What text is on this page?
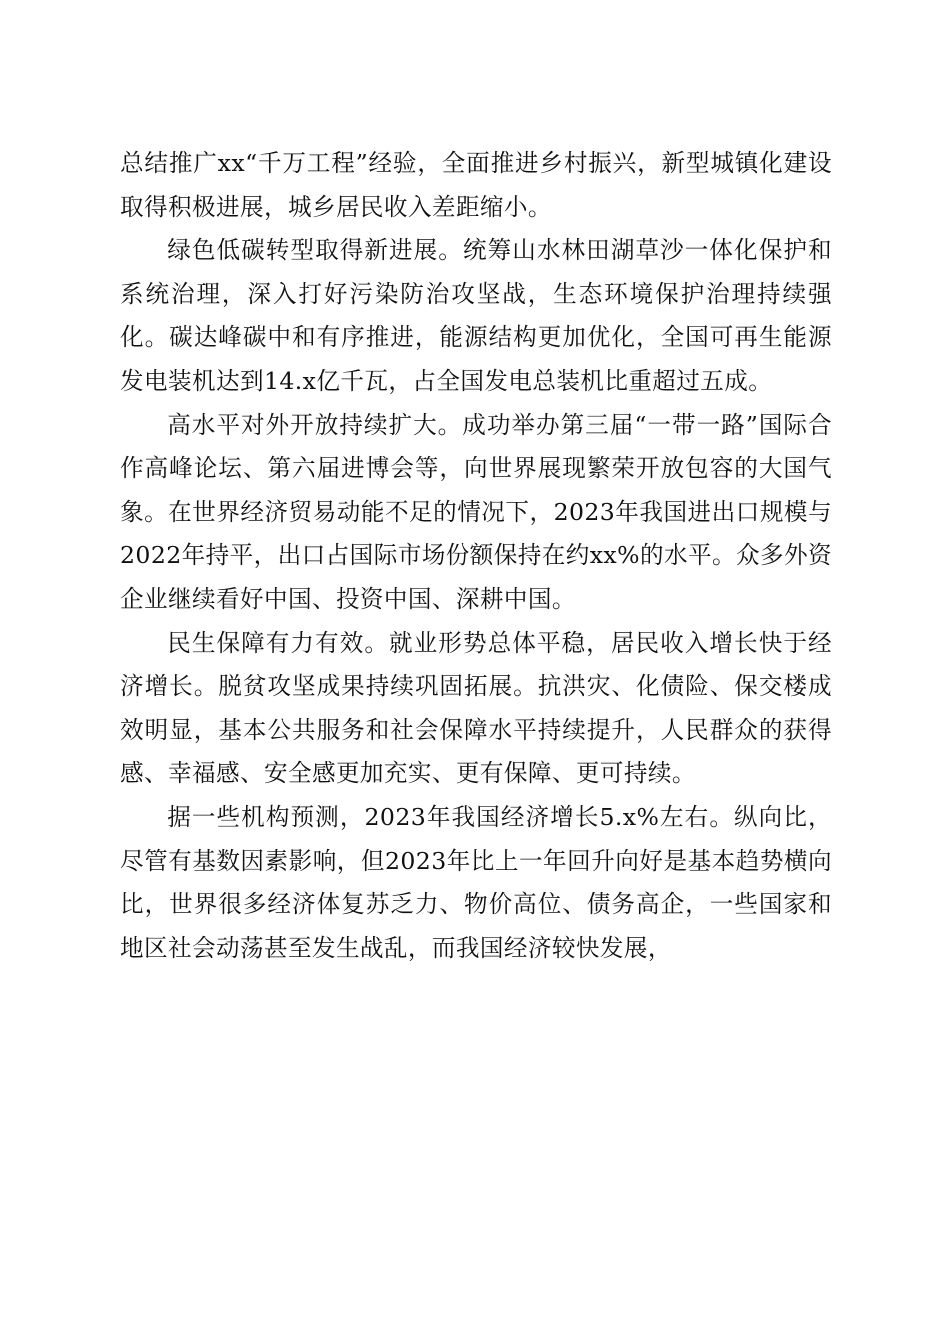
总结推广xx“千万工程”经验，全面推进乡村振兴，新型城镇化建设取得积极进展，城乡居民收入差距缩小。

绿色低碳转型取得新进展。统筹山水林田湖草沙一体化保护和系统治理，深入打好污染防治攻坚战，生态环境保护治理持续强化。碳达峰碳中和有序推进，能源结构更加优化，全国可再生能源发电装机达到14.x亿千瓦，占全国发电总装机比重超过五成。

高水平对外开放持续扩大。成功举办第三届“一带一路”国际合作高峰论坛、第六届进博会等，向世界展现繁荣开放包容的大国气象。在世界经济贸易动能不足的情况下，2023年我国进出口规模与2022年持平，出口占国际市场份额保持在约xx%的水平。众多外资企业继续看好中国、投资中国、深耕中国。

民生保障有力有效。就业形势总体平稳，居民收入增长快于经济增长。脱贫攻坚成果持续巩固拓展。抗洪灾、化债险、保交楼成效明显，基本公共服务和社会保障水平持续提升，人民群众的获得感、幸福感、安全感更加充实、更有保障、更可持续。

据一些机构预测，2023年我国经济增长5.x%左右。纵向比，尽管有基数因素影响，但2023年比上一年回升向好是基本趋势横向比，世界很多经济体复苏乏力、物价高位、债务高企，一些国家和地区社会动荡甚至发生战乱，而我国经济较快发展，
